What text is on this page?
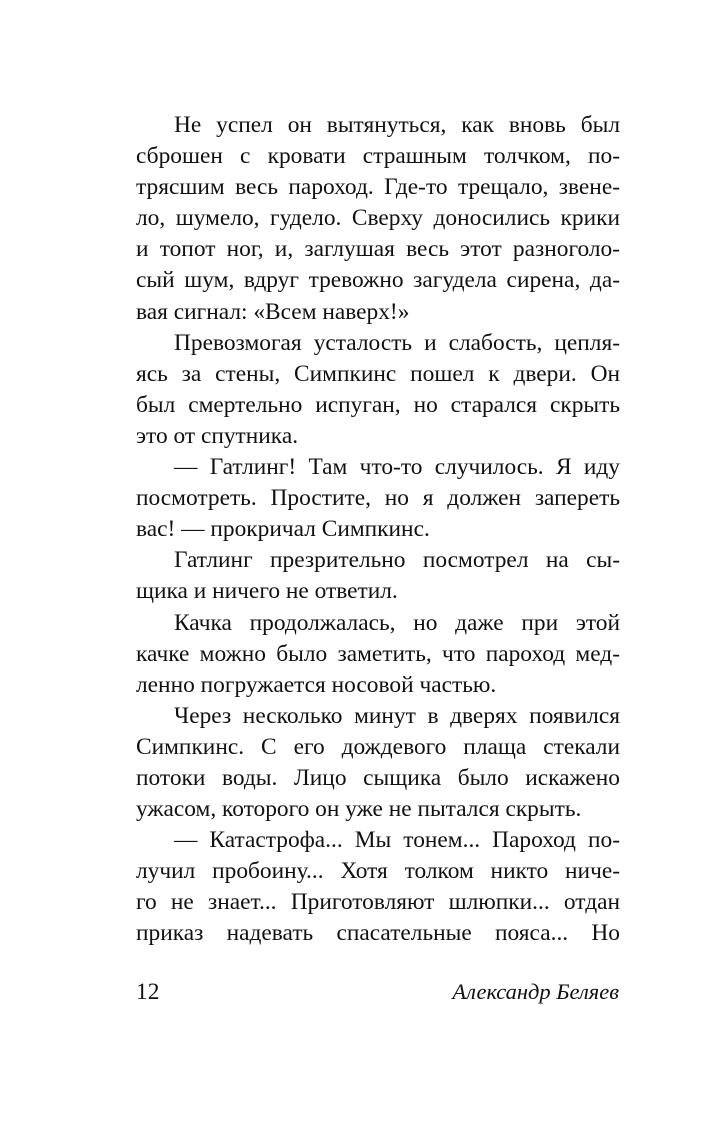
Не успел он вытянуться, как вновь был
сброшен с кровати страшным толчком, по-
трясшим весь пароход. Где-то трещало, звене-
ло, шумело, гудело. Сверху доносились крики
и топот ног, и, заглушая весь этот разноголо-
сый шум, вдруг тревожно загудела сирена, да-
вая сигнал: «Всем наверх!»
Превозмогая усталость и слабость, цепля-
ясь за стены, Симпкинс пошел к двери. Он
был смертельно испуган, но старался скрыть
это от спутника.
— Гатлинг! Там что-то случилось. Я иду
посмотреть. Простите, но я должен запереть
вас! — прокричал Симпкинс.
Гатлинг презрительно посмотрел на сы-
щика и ничего не ответил.
Качка продолжалась, но даже при этой
качке можно было заметить, что пароход мед-
ленно погружается носовой частью.
Через несколько минут в дверях появился
Симпкинс. С его дождевого плаща стекали
потоки воды. Лицо сыщика было искажено
ужасом, которого он уже не пытался скрыть.
— Катастрофа... Мы тонем... Пароход по-
лучил пробоину... Хотя толком никто ниче-
го не знает... Приготовляют шлюпки... отдан
приказ надевать спасательные пояса... Но
12	Александр Беляев
